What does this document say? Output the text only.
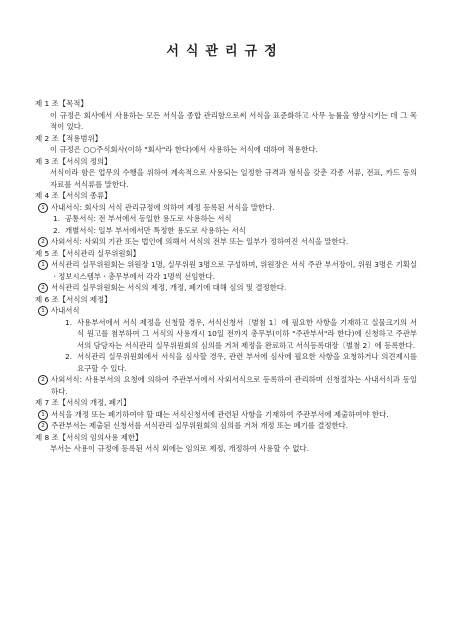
서식관리규정
제 1 조【목적】
이 규정은 회사에서 사용하는 모든 서식을 종합 관리함으로써 서식을 표준화하고 사무 능률을 향상시키는 데 그 목적이 있다.
제 2 조【적용범위】
이 규정은 ○○주식회사(이하 "회사"라 한다)에서 사용하는 서식에 대하여 적용한다.
제 3 조【서식의 정의】
서식이라 함은 업무의 수행을 위하여 계속적으로 사용되는 일정한 규격과 형식을 갖춘 각종 서류, 전표, 카드 등의 자료를 서식류를 말한다.
제 4 조【서식의 종류】
1 사내서식: 회사의 서식 관리규정에 의하여 제정 등록된 서식을 말한다.
1. 공통서식: 전 부서에서 동일한 용도로 사용하는 서식
2. 개별서식: 일부 부서에서만 특정한 용도로 사용하는 서식
2 사외서식: 사외의 기관 또는 법인에 의해서 서식의 전부 또는 일부가 정하여진 서식을 말한다.
제 5 조【서식관리 실무위원회】
1 서식관리 실무위원회는 위원장 1명, 실무위원 3명으로 구성하며, 위원장은 서식 주관 부서장이, 위원 3명은 기획실ㆍ정보시스템부ㆍ총무부에서 각각 1명씩 선임한다.
2 서식관리 실무위원회는 서식의 제정, 개정, 폐기에 대해 심의 및 결정한다.
제 6 조【서식의 제정】
1 사내서식
1. 사용부서에서 서식 제정을 신청할 경우, 서식신청서〔별첨 1〕에 필요한 사항을 기재하고 실물크기의 서식 원고를 첨부하여 그 서식의 사용개시 10일 전까지 총무부(이하 "주관부서"라 한다)에 신청하고 주관부서의 담당자는 서식관리 실무위원회의 심의를 거쳐 제정을 완료하고 서식등록대장〔별첨 2〕에 등록한다.
2. 서식관리 실무위원회에서 서식을 심사할 경우, 관련 부서에 심사에 필요한 사항을 요청하거나 의견제시를 요구할 수 있다.
2 사외서식: 사용부서의 요청에 의하여 주관부서에서 사외서식으로 등록하여 관리하며 신청절차는 사내서식과 동일하다.
제 7 조【서식의 개정, 폐기】
1 서식을 개정 또는 폐기하여야 할 때는 서식신청서에 관련된 사항을 기재하여 주관부서에 제출하여야 한다.
2 주관부서는 제출된 신청서를 서식관리 실무위원회의 심의를 거쳐 개정 또는 폐기를 결정한다.
제 8 조【서식의 임의사용 제한】
부서는 사용이 규정에 등록된 서식 외에는 임의로 제정, 개정하여 사용할 수 없다.
